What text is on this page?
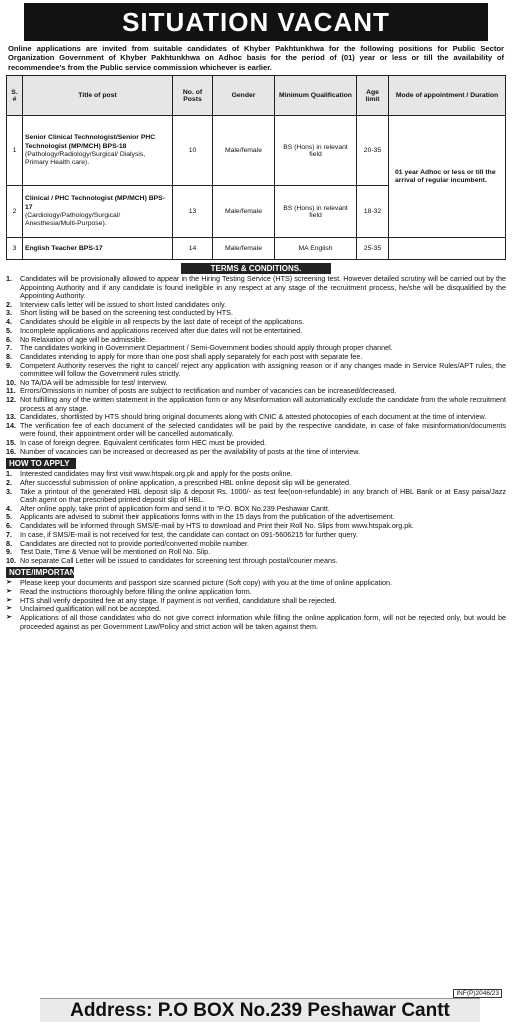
SITUATION VACANT

Online applications are invited from suitable candidates of Khyber Pakhtunkhwa for the following positions for Public Sector Organization Government of Khyber Pakhtunkhwa on Adhoc basis for the period of (01) year or less or till the availability of recommendee's from the Public service commission whichever is earlier.

S. #	Title of post	No. of Posts	Gender	Minimum Qualification	Age limit	Mode of appointment / Duration
1	Senior Clinical Technologist/Senior PHC Technologist (MP/MCH) BPS-18
(Pathology/Radiology/Surgical/ Dialysis, Primary Health care).	10	Male/female	BS (Hons) in relevant field	20-35	01 year Adhoc or less or till the arrival of regular incumbent.
2	Clinical / PHC Technologist (MP/MCH) BPS-17
(Cardiology/Pathology/Surgical/ Anesthesia/Multi-Purpose).	13	Male/female	BS (Hons) in relevant field	18-32	
3	English Teacher BPS-17	14	Male/female	MA English	25-35	
TERMS & CONDITIONS.
1.	Candidates will be provisionally allowed to appear in the Hiring Testing Service (HTS) screening test. However detailed scrutiny will be carried out by the Appointing Authority and if any candidate is found ineligible in any respect at any stage of the recruitment process, he/she will be disqualified by the Appointing Authority.
2.	Interview calls letter will be issued to short listed candidates only.
3.	Short listing will be based on the screening test conducted by HTS.
4.	Candidates should be eligible in all respects by the last date of receipt of the applications.
5.	Incomplete applications and applications received after due dates will not be entertained.
6.	No Relaxation of age will be admissible.
7.	The candidates working in Government Department / Semi-Government bodies should apply through proper channel.
8.	Candidates intending to apply for more than one post shall apply separately for each post with separate fee.
9.	Competent Authority reserves the right to cancel/ reject any application with assigning reason or if any changes made in Service Rules/APT rules, the committee will follow the Government rules strictly.
10. No TA/DA will be admissible for test/ Interview.
11. Errors/Omissions in number of posts are subject to rectification and number of vacancies can be increased/decreased.
12. Not fulfilling any of the written statement in the application form or any Misinformation will automatically exclude the candidate from the whole recruitment process at any stage.
13. Candidates, shortlisted by HTS should bring original documents along with CNIC & attested photocopies of each document at the time of interview.
14. The verification fee of each document of the selected candidates will be paid by the respective candidate, in case of fake misinformation/documents were found, their appointment order will be cancelled automatically.
15. In case of foreign degree. Equivalent certificates form HEC must be provided.
16. Number of vacancies can be increased or decreased as per the availability of posts at the time of interview.
HOW TO APPLY
1.	Interested candidates may first visit www.htspak.org.pk and apply for the posts online.
2.	After successful submission of online application, a prescribed HBL online deposit slip will be generated.
3.	Take a printout of the generated HBL deposit slip & deposit Rs. 1000/- as test fee(non-refundable) in any branch of HBL Bank or at Easy paisa/Jazz Cash agent on that prescribed printed deposit slip of HBL.
4.	After online apply, take print of application form and send it to "P.O. BOX No.239 Peshawar Cantt.
5.	Applicants are advised to submit their applications forms with in the 15 days from the publication of the advertisement.
6.	Candidates will be informed through SMS/E-mail by HTS to download and Print their Roll No. Slips from www.htspak.org.pk.
7.	In case, if SMS/E-mail is not received for test, the candidate can contact on 091-5606215 for further query.
8.	Candidates are directed not to provide ported/converted mobile number.
9.	Test Date, Time & Venue will be mentioned on Roll No. Slip.
10. No separate Call Letter will be issued to candidates for screening test through postal/courier means.
NOTE/IMPORTANT
➢	Please keep your documents and passport size scanned picture (Soft copy) with you at the time of online application.
➢	Read the instructions thoroughly before filling the online application form.
➢	HTS shall verify deposited fee at any stage. If payment is not verified, candidature shall be rejected.
➢	Unclaimed qualification will not be accepted.
➢	Applications of all those candidates who do not give correct information while filling the online application form, will not be rejected only, but would be proceeded against as per Government Law/Policy and strict action will be taken against them.
INF(P)2046/23
Address: P.O BOX No.239 Peshawar Cantt
